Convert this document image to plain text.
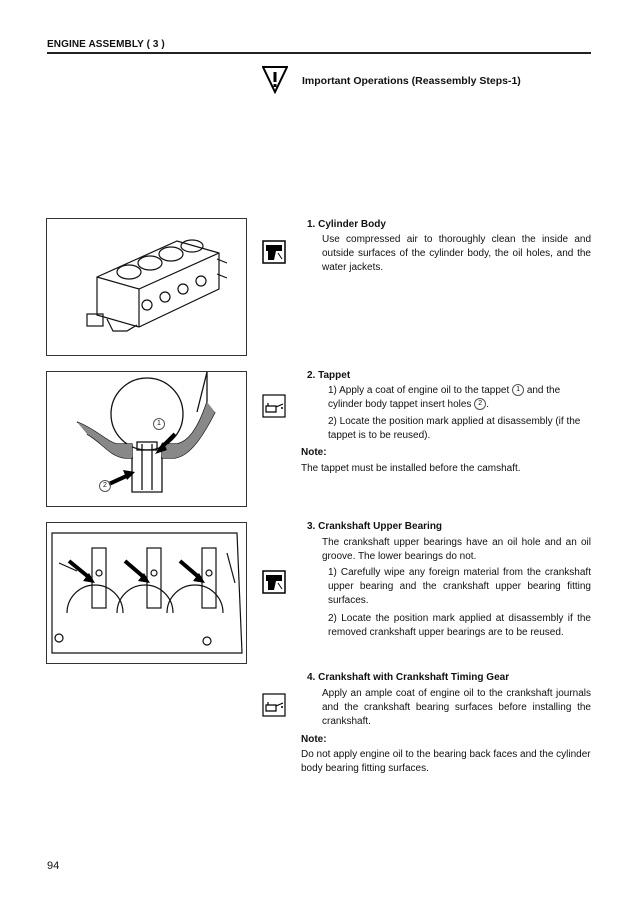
ENGINE ASSEMBLY ( 3 )
Important Operations (Reassembly Steps-1)
1
2
1. Cylinder Body
Use compressed air to thoroughly clean the inside and outside surfaces of the cylinder body, the oil holes, and the water jackets.
2. Tappet
1) Apply a coat of engine oil to the tappet 1 and the cylinder body tappet insert holes 2 .
2) Locate the position mark applied at disassembly (if the tappet is to be reused).
Note:
The tappet must be installed before the camshaft.
3. Crankshaft Upper Bearing
The crankshaft upper bearings have an oil hole and an oil groove. The lower bearings do not.
1) Carefully wipe any foreign material from the crankshaft upper bearing and the crankshaft upper bearing fitting surfaces.
2) Locate the position mark applied at disassembly if the removed crankshaft upper bearings are to be reused.
4. Crankshaft with Crankshaft Timing Gear
Apply an ample coat of engine oil to the crankshaft journals and the crankshaft bearing surfaces before installing the crankshaft.
Note:
Do not apply engine oil to the bearing back faces and the cylinder body bearing fitting surfaces.
94
